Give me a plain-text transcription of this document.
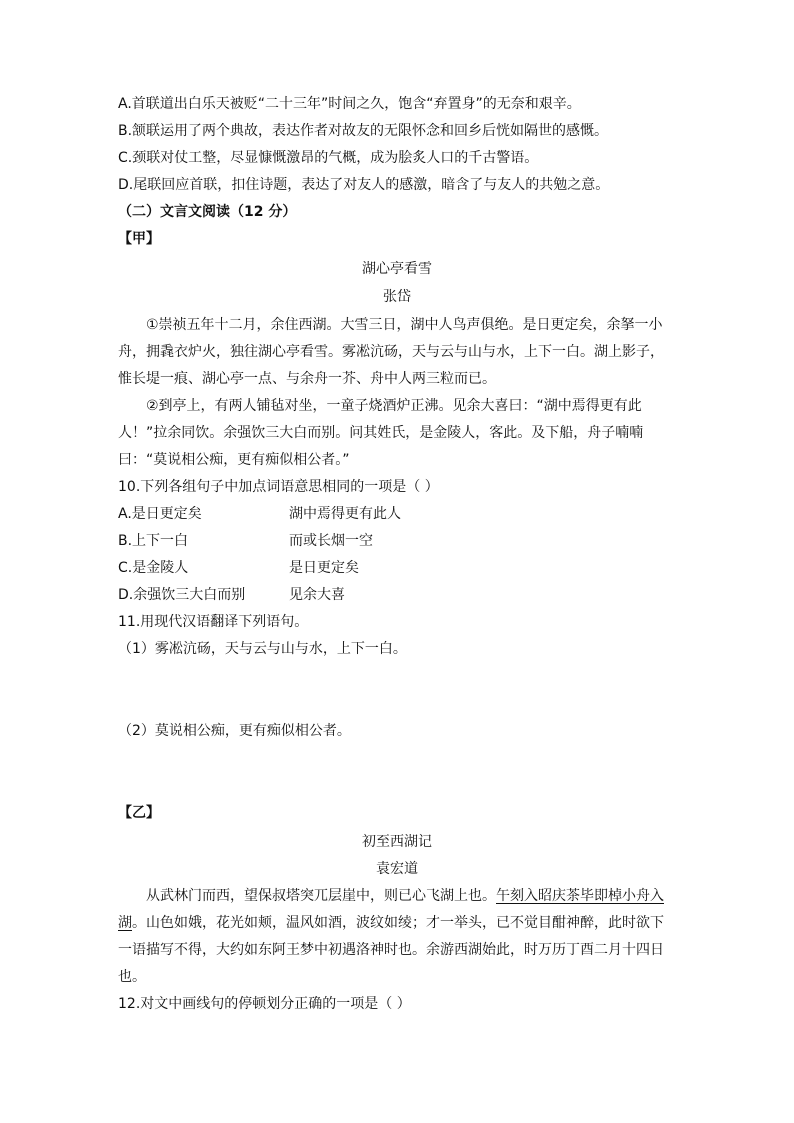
A.首联道出白乐天被贬“二十三年”时间之久，饱含“弃置身”的无奈和艰辛。
B.颔联运用了两个典故，表达作者对故友的无限怀念和回乡后恍如隔世的感慨。
C.颈联对仗工整，尽显慷慨激昂的气概，成为脍炙人口的千古警语。
D.尾联回应首联，扣住诗题，表达了对友人的感激，暗含了与友人的共勉之意。
（二）文言文阅读（12 分）
【甲】
湖心亭看雪
张岱
①崇祯五年十二月，余住西湖。大雪三日，湖中人鸟声俱绝。是日更定矣，余拏一小
舟，拥毳衣炉火，独往湖心亭看雪。雾凇沆砀，天与云与山与水，上下一白。湖上影子，
惟长堤一痕、湖心亭一点、与余舟一芥、舟中人两三粒而已。
②到亭上，有两人铺毡对坐，一童子烧酒炉正沸。见余大喜曰：“湖中焉得更有此
人！”拉余同饮。余强饮三大白而别。问其姓氏，是金陵人，客此。及下船，舟子喃喃
曰：“莫说相公痴，更有痴似相公者。”
10.下列各组句子中加点词语意思相同的一项是（ ）
A.是日更定矣	湖中焉得更有此人
B.上下一白	而或长烟一空
C.是金陵人	是日更定矣
D.余强饮三大白而别	见余大喜
11.用现代汉语翻译下列语句。
（1）雾凇沆砀，天与云与山与水，上下一白。
（2）莫说相公痴，更有痴似相公者。
【乙】
初至西湖记
袁宏道
从武林门而西，望保叔塔突兀层崖中，则已心飞湖上也。午刻入昭庆茶毕即棹小舟入
湖。山色如娥，花光如颊，温风如酒，波纹如绫；才一举头，已不觉目酣神醉，此时欲下
一语描写不得，大约如东阿王梦中初遇洛神时也。余游西湖始此，时万历丁酉二月十四日
也。
12.对文中画线句的停顿划分正确的一项是（ ）
